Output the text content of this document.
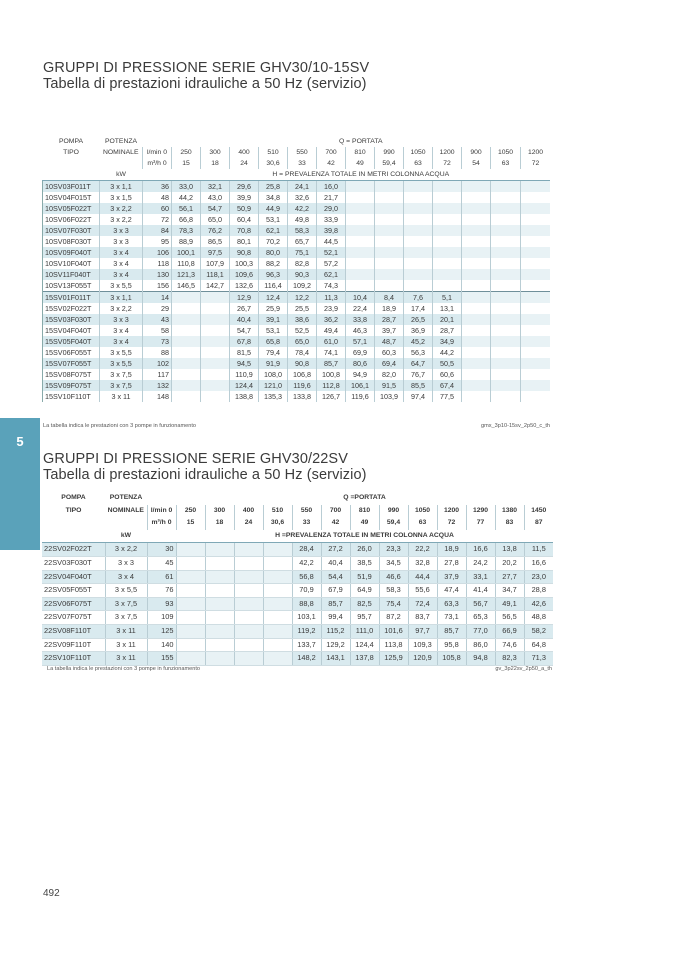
GRUPPI DI PRESSIONE SERIE GHV30/10-15SV
Tabella di prestazioni idrauliche a 50 Hz (servizio)
POMPA	POTENZA		Q = PORTATA												
TIPO	NOMINALE	l/min 0	250	300	400	510	550	700	810	990	1050	1200	900	1050	1200
		m³/h 0	15	18	24	30,6	33	42	49	59,4	63	72	54	63	72
	kW		H = PREVALENZA TOTALE IN METRI COLONNA ACQUA												
10SV03F011T	3 x 1,1	36	33,0	32,1	29,6	25,8	24,1	16,0							
10SV04F015T	3 x 1,5	48	44,2	43,0	39,9	34,8	32,6	21,7							
10SV05F022T	3 x 2,2	60	56,1	54,7	50,9	44,9	42,2	29,0							
10SV06F022T	3 x 2,2	72	66,8	65,0	60,4	53,1	49,8	33,9							
10SV07F030T	3 x 3	84	78,3	76,2	70,8	62,1	58,3	39,8							
10SV08F030T	3 x 3	95	88,9	86,5	80,1	70,2	65,7	44,5							
10SV09F040T	3 x 4	106	100,1	97,5	90,8	80,0	75,1	52,1							
10SV10F040T	3 x 4	118	110,8	107,9	100,3	88,2	82,8	57,2							
10SV11F040T	3 x 4	130	121,3	118,1	109,6	96,3	90,3	62,1							
10SV13F055T	3 x 5,5	156	146,5	142,7	132,6	116,4	109,2	74,3							
15SV01F011T	3 x 1,1	14			12,9	12,4	12,2	11,3	10,4	8,4	7,6	5,1			
15SV02F022T	3 x 2,2	29			26,7	25,9	25,5	23,9	22,4	18,9	17,4	13,1			
15SV03F030T	3 x 3	43			40,4	39,1	38,6	36,2	33,8	28,7	26,5	20,1			
15SV04F040T	3 x 4	58			54,7	53,1	52,5	49,4	46,3	39,7	36,9	28,7			
15SV05F040T	3 x 4	73			67,8	65,8	65,0	61,0	57,1	48,7	45,2	34,9			
15SV06F055T	3 x 5,5	88			81,5	79,4	78,4	74,1	69,9	60,3	56,3	44,2			
15SV07F055T	3 x 5,5	102			94,5	91,9	90,8	85,7	80,6	69,4	64,7	50,5			
15SV08F075T	3 x 7,5	117			110,9	108,0	106,8	100,8	94,9	82,0	76,7	60,6			
15SV09F075T	3 x 7,5	132			124,4	121,0	119,6	112,8	106,1	91,5	85,5	67,4			
15SV10F110T	3 x 11	148			138,8	135,3	133,8	126,7	119,6	103,9	97,4	77,5			
La tabella indica le prestazioni con 3 pompe in funzionamento	gmx_3p10-15sv_2p50_c_th
5
GRUPPI DI PRESSIONE SERIE GHV30/22SV
Tabella di prestazioni idrauliche a 50 Hz (servizio)
POMPA	POTENZA		Q =PORTATA												
TIPO	NOMINALE	l/min 0	250	300	400	510	550	700	810	990	1050	1200	1290	1380	1450
		m³/h 0	15	18	24	30,6	33	42	49	59,4	63	72	77	83	87
	kW		H =PREVALENZA TOTALE IN METRI COLONNA ACQUA												
22SV02F022T	3 x 2,2	30					28,4	27,2	26,0	23,3	22,2	18,9	16,6	13,8	11,5
22SV03F030T	3 x 3	45					42,2	40,4	38,5	34,5	32,8	27,8	24,2	20,2	16,6
22SV04F040T	3 x 4	61					56,8	54,4	51,9	46,6	44,4	37,9	33,1	27,7	23,0
22SV05F055T	3 x 5,5	76					70,9	67,9	64,9	58,3	55,6	47,4	41,4	34,7	28,8
22SV06F075T	3 x 7,5	93					88,8	85,7	82,5	75,4	72,4	63,3	56,7	49,1	42,6
22SV07F075T	3 x 7,5	109					103,1	99,4	95,7	87,2	83,7	73,1	65,3	56,5	48,8
22SV08F110T	3 x 11	125					119,2	115,2	111,0	101,6	97,7	85,7	77,0	66,9	58,2
22SV09F110T	3 x 11	140					133,7	129,2	124,4	113,8	109,3	95,8	86,0	74,6	64,8
22SV10F110T	3 x 11	155					148,2	143,1	137,8	125,9	120,9	105,8	94,8	82,3	71,3
La tabella indica le prestazioni con 3 pompe in funzionamento	gv_3p22sv_2p50_a_th
492
